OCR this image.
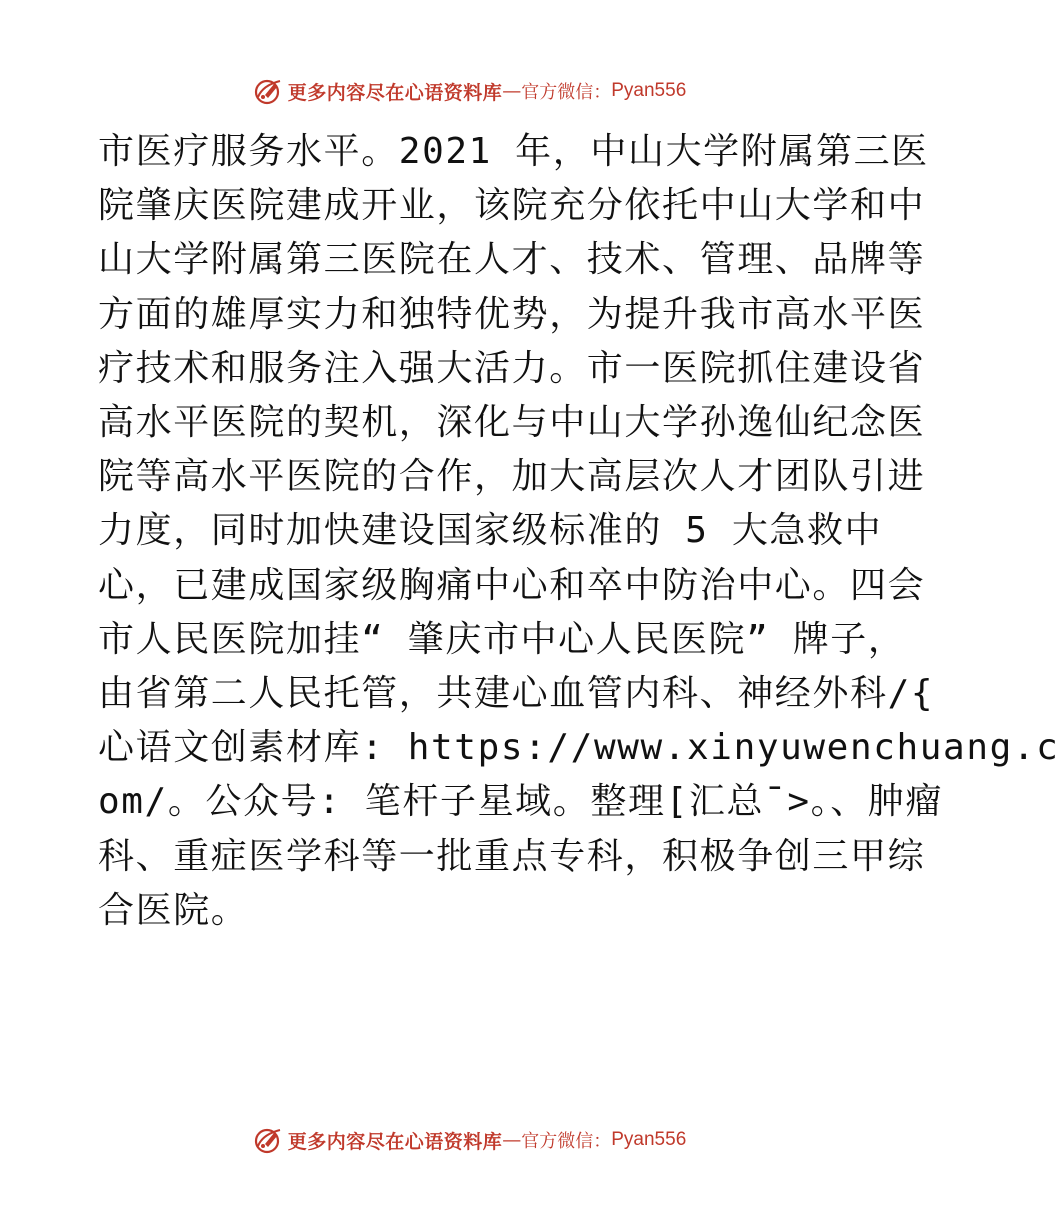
更多内容尽在心语资料库 — 官方微信： Pyan556
市医疗服务水平。2021 年，中山大学附属第三医
院肇庆医院建成开业，该院充分依托中山大学和中
山大学附属第三医院在人才、技术、管理、品牌等
方面的雄厚实力和独特优势，为提升我市高水平医
疗技术和服务注入强大活力。市一医院抓住建设省
高水平医院的契机，深化与中山大学孙逸仙纪念医
院等高水平医院的合作，加大高层次人才团队引进
力度，同时加快建设国家级标准的 5 大急救中
心，已建成国家级胸痛中心和卒中防治中心。四会
市人民医院加挂“ 肇庆市中心人民医院” 牌子，
由省第二人民托管，共建心血管内科、神经外科/{
心语文创素材库: https://www.xinyuwenchuang.c
om/。公众号: 笔杆子星域。整理[汇总¯>。、肿瘤
科、重症医学科等一批重点专科，积极争创三甲综
合医院。
更多内容尽在心语资料库 — 官方微信： Pyan556
